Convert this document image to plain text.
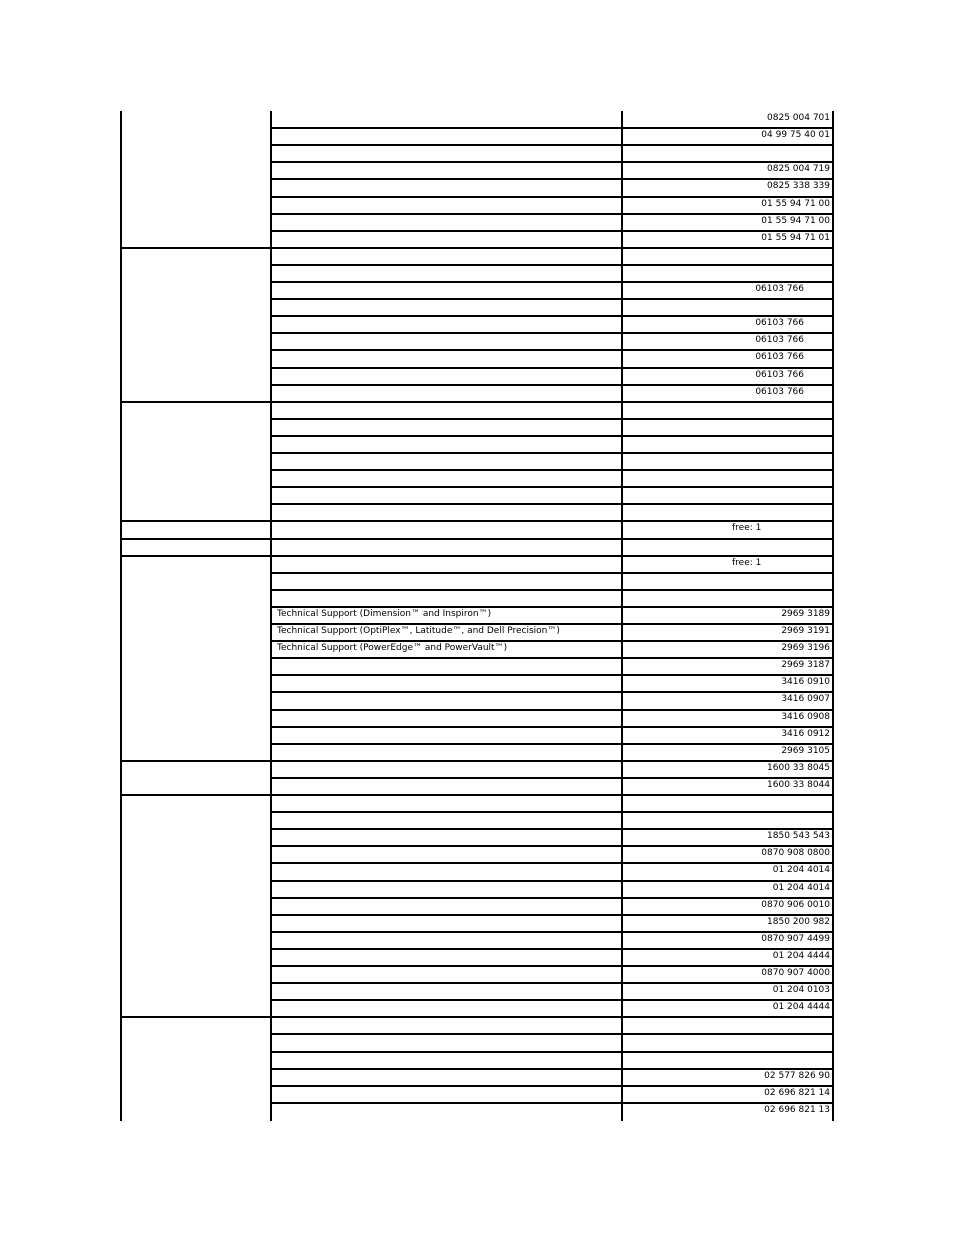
0825 004 701
04 99 75 40 01
0825 004 719
0825 338 339
01 55 94 71 00
01 55 94 71 00
01 55 94 71 01
06103 766
06103 766
06103 766
06103 766
06103 766
06103 766
free: 1
free: 1
2969 3189
Technical Support (Dimension™ and Inspiron™)
2969 3191
Technical Support (OptiPlex™, Latitude™, and Dell Precision™)
2969 3196
Technical Support (PowerEdge™ and PowerVault™)
2969 3187
3416 0910
3416 0907
3416 0908
3416 0912
2969 3105
1600 33 8045
1600 33 8044
1850 543 543
0870 908 0800
01 204 4014
01 204 4014
0870 906 0010
1850 200 982
0870 907 4499
01 204 4444
0870 907 4000
01 204 0103
01 204 4444
02 577 826 90
02 696 821 14
02 696 821 13
